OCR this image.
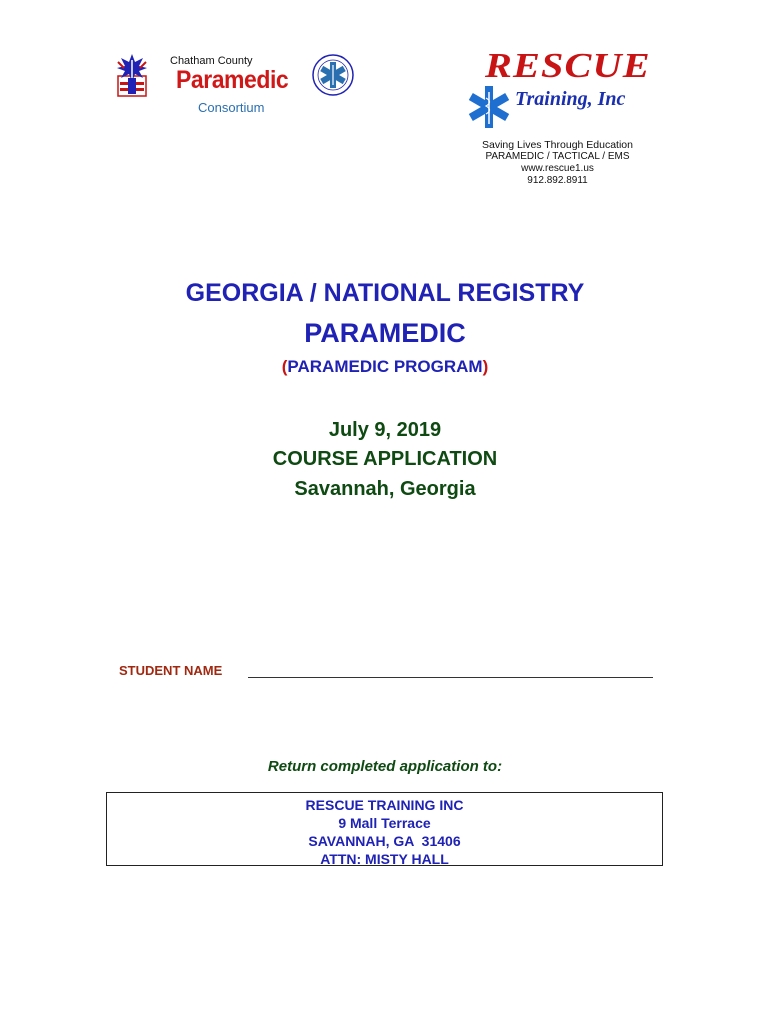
Chatham County
Paramedic
Consortium
RESCUE
Training, Inc
Saving Lives Through Education
PARAMEDIC / TACTICAL / EMS
www.rescue1.us
912.892.8911
GEORGIA / NATIONAL REGISTRY
PARAMEDIC
(PARAMEDIC PROGRAM)
July 9, 2019
COURSE APPLICATION
Savannah, Georgia
STUDENT NAME
Return completed application to:
RESCUE TRAINING INC
9 Mall Terrace
SAVANNAH, GA  31406
ATTN: MISTY HALL
